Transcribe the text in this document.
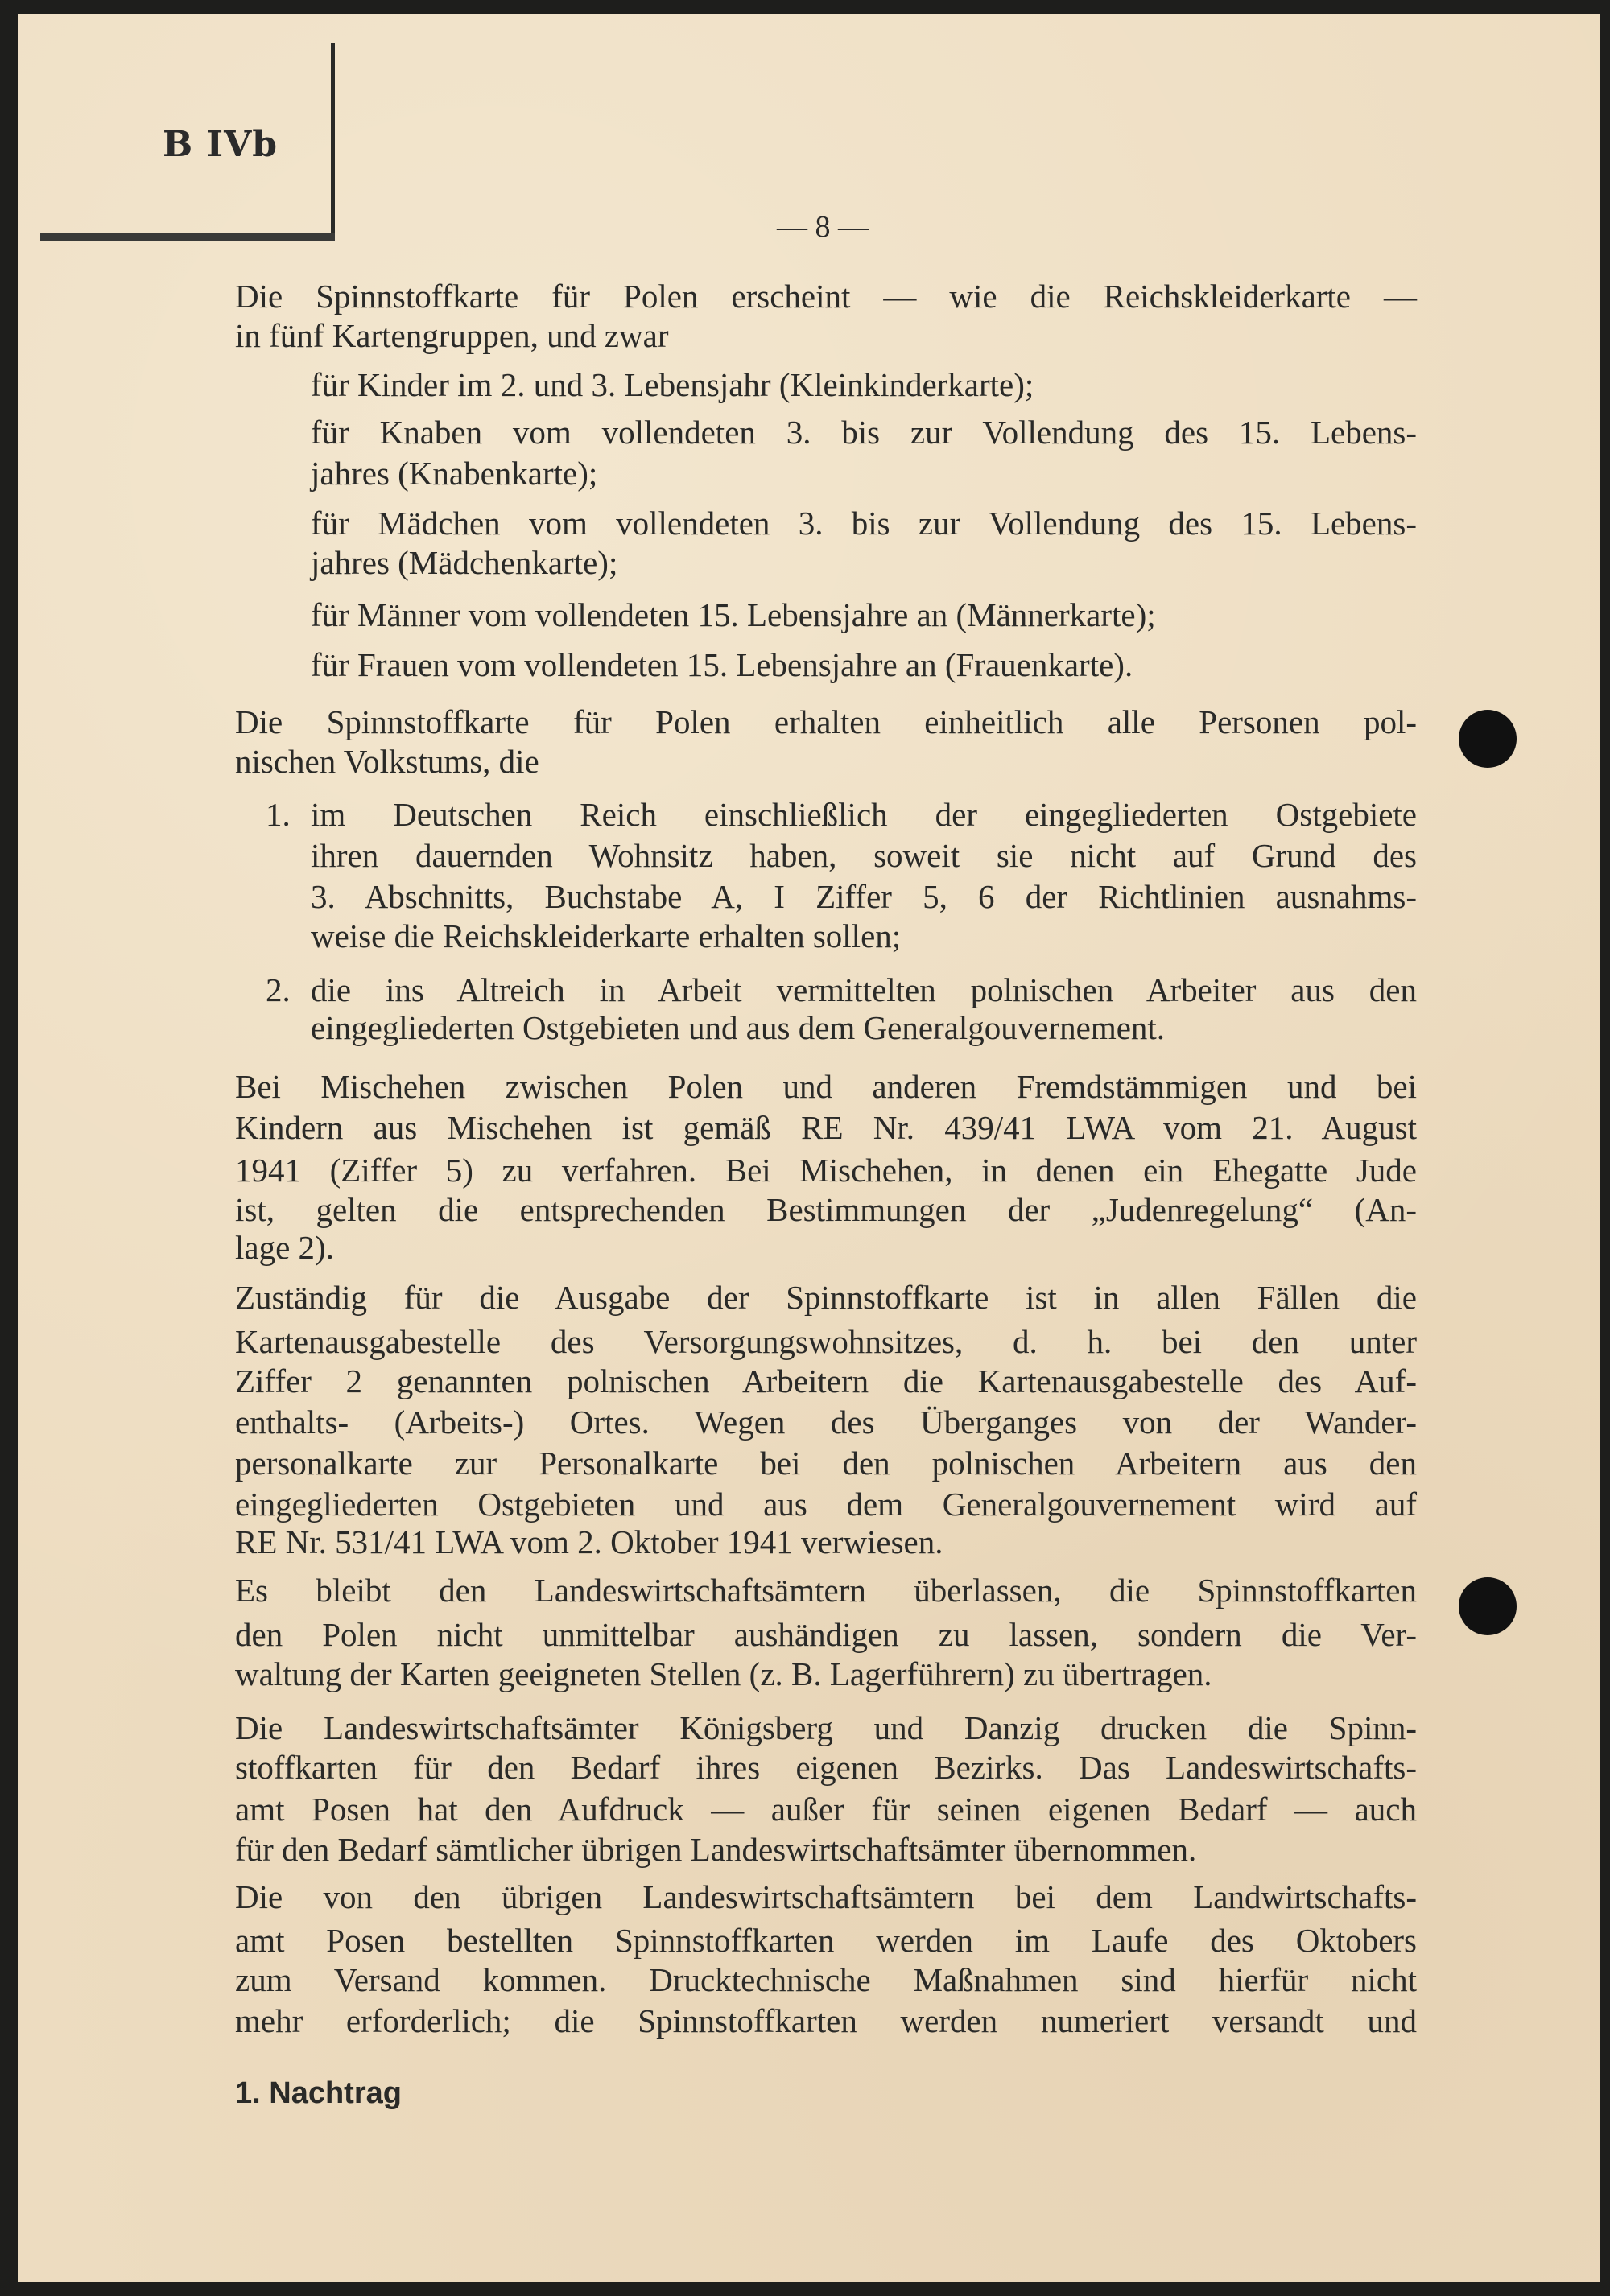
B IVb
— 8 —
Die Spinnstoffkarte für Polen erscheint — wie die Reichskleiderkarte —
in fünf Kartengruppen, und zwar
für Kinder im 2. und 3. Lebensjahr (Kleinkinderkarte);
für Knaben vom vollendeten 3. bis zur Vollendung des 15. Lebens-
jahres (Knabenkarte);
für Mädchen vom vollendeten 3. bis zur Vollendung des 15. Lebens-
jahres (Mädchenkarte);
für Männer vom vollendeten 15. Lebensjahre an (Männerkarte);
für Frauen vom vollendeten 15. Lebensjahre an (Frauenkarte).
Die Spinnstoffkarte für Polen erhalten einheitlich alle Personen pol-
nischen Volkstums, die
1. im Deutschen Reich einschließlich der eingegliederten Ostgebiete
ihren dauernden Wohnsitz haben, soweit sie nicht auf Grund des
3. Abschnitts, Buchstabe A, I Ziffer 5, 6 der Richtlinien ausnahms-
weise die Reichskleiderkarte erhalten sollen;
2. die ins Altreich in Arbeit vermittelten polnischen Arbeiter aus den
eingegliederten Ostgebieten und aus dem Generalgouvernement.
Bei Mischehen zwischen Polen und anderen Fremdstämmigen und bei
Kindern aus Mischehen ist gemäß RE Nr. 439/41 LWA vom 21. August
1941 (Ziffer 5) zu verfahren. Bei Mischehen, in denen ein Ehegatte Jude
ist, gelten die entsprechenden Bestimmungen der „Judenregelung“ (An-
lage 2).
Zuständig für die Ausgabe der Spinnstoffkarte ist in allen Fällen die
Kartenausgabestelle des Versorgungswohnsitzes, d. h. bei den unter
Ziffer 2 genannten polnischen Arbeitern die Kartenausgabestelle des Auf-
enthalts- (Arbeits-) Ortes. Wegen des Überganges von der Wander-
personalkarte zur Personalkarte bei den polnischen Arbeitern aus den
eingegliederten Ostgebieten und aus dem Generalgouvernement wird auf
RE Nr. 531/41 LWA vom 2. Oktober 1941 verwiesen.
Es bleibt den Landeswirtschaftsämtern überlassen, die Spinnstoffkarten
den Polen nicht unmittelbar aushändigen zu lassen, sondern die Ver-
waltung der Karten geeigneten Stellen (z. B. Lagerführern) zu übertragen.
Die Landeswirtschaftsämter Königsberg und Danzig drucken die Spinn-
stoffkarten für den Bedarf ihres eigenen Bezirks. Das Landeswirtschafts-
amt Posen hat den Aufdruck — außer für seinen eigenen Bedarf — auch
für den Bedarf sämtlicher übrigen Landeswirtschaftsämter übernommen.
Die von den übrigen Landeswirtschaftsämtern bei dem Landwirtschafts-
amt Posen bestellten Spinnstoffkarten werden im Laufe des Oktobers
zum Versand kommen. Drucktechnische Maßnahmen sind hierfür nicht
mehr erforderlich; die Spinnstoffkarten werden numeriert versandt und
1. Nachtrag
